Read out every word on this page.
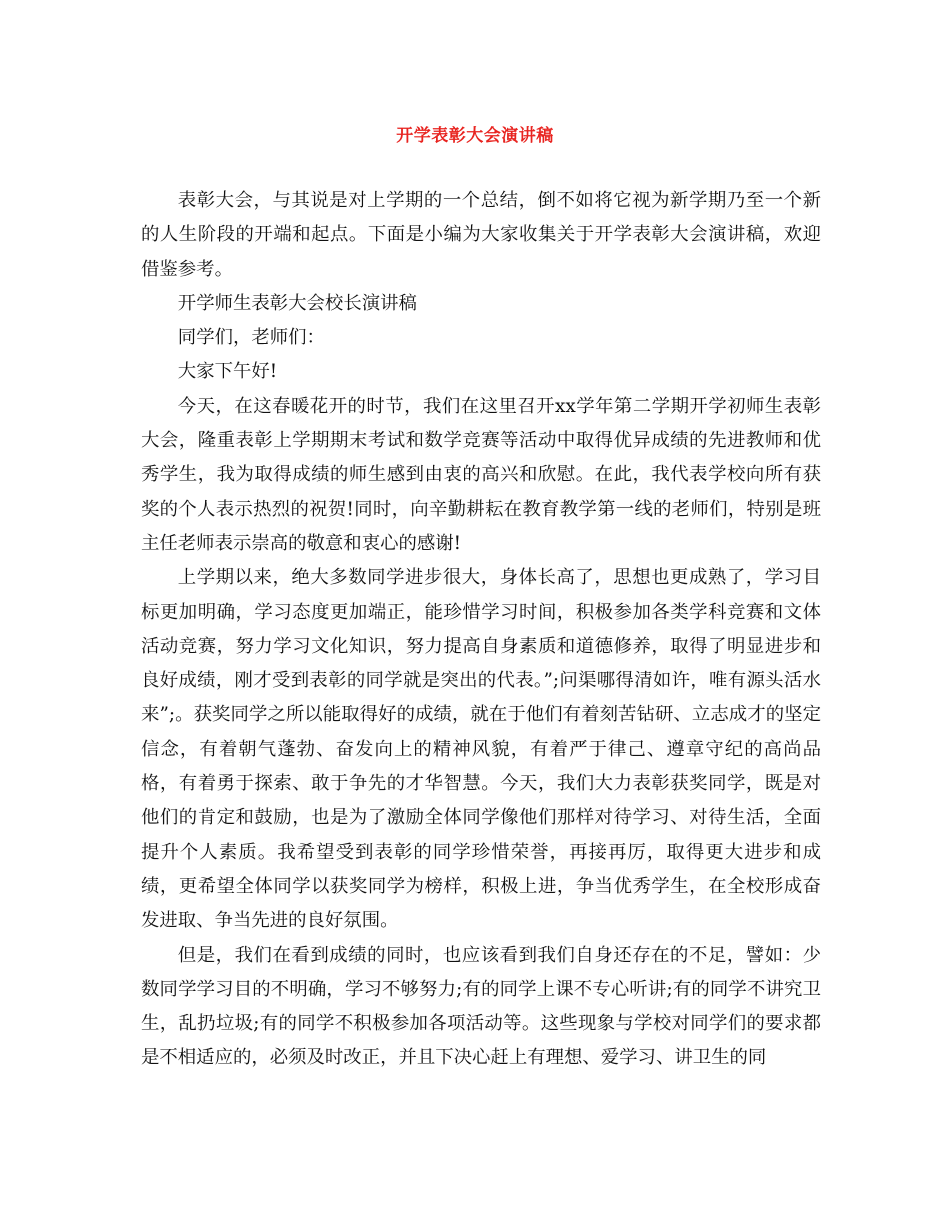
开学表彰大会演讲稿

表彰大会，与其说是对上学期的一个总结，倒不如将它视为新学期乃至一个新的人生阶段的开端和起点。下面是小编为大家收集关于开学表彰大会演讲稿，欢迎借鉴参考。

开学师生表彰大会校长演讲稿

同学们，老师们：

大家下午好!

今天，在这春暖花开的时节，我们在这里召开xx学年第二学期开学初师生表彰大会，隆重表彰上学期期末考试和数学竞赛等活动中取得优异成绩的先进教师和优秀学生，我为取得成绩的师生感到由衷的高兴和欣慰。在此，我代表学校向所有获奖的个人表示热烈的祝贺!同时，向辛勤耕耘在教育教学第一线的老师们，特别是班主任老师表示崇高的敬意和衷心的感谢!

上学期以来，绝大多数同学进步很大，身体长高了，思想也更成熟了，学习目标更加明确，学习态度更加端正，能珍惜学习时间，积极参加各类学科竞赛和文体活动竞赛，努力学习文化知识，努力提高自身素质和道德修养，取得了明显进步和良好成绩，刚才受到表彰的同学就是突出的代表。”;问渠哪得清如许，唯有源头活水来”;。获奖同学之所以能取得好的成绩，就在于他们有着刻苦钻研、立志成才的坚定信念，有着朝气蓬勃、奋发向上的精神风貌，有着严于律己、遵章守纪的高尚品格，有着勇于探索、敢于争先的才华智慧。今天，我们大力表彰获奖同学，既是对他们的肯定和鼓励，也是为了激励全体同学像他们那样对待学习、对待生活，全面提升个人素质。我希望受到表彰的同学珍惜荣誉，再接再厉，取得更大进步和成绩，更希望全体同学以获奖同学为榜样，积极上进，争当优秀学生，在全校形成奋发进取、争当先进的良好氛围。

但是，我们在看到成绩的同时，也应该看到我们自身还存在的不足，譬如：少数同学学习目的不明确，学习不够努力;有的同学上课不专心听讲;有的同学不讲究卫生，乱扔垃圾;有的同学不积极参加各项活动等。这些现象与学校对同学们的要求都是不相适应的，必须及时改正，并且下决心赶上有理想、爱学习、讲卫生的同
